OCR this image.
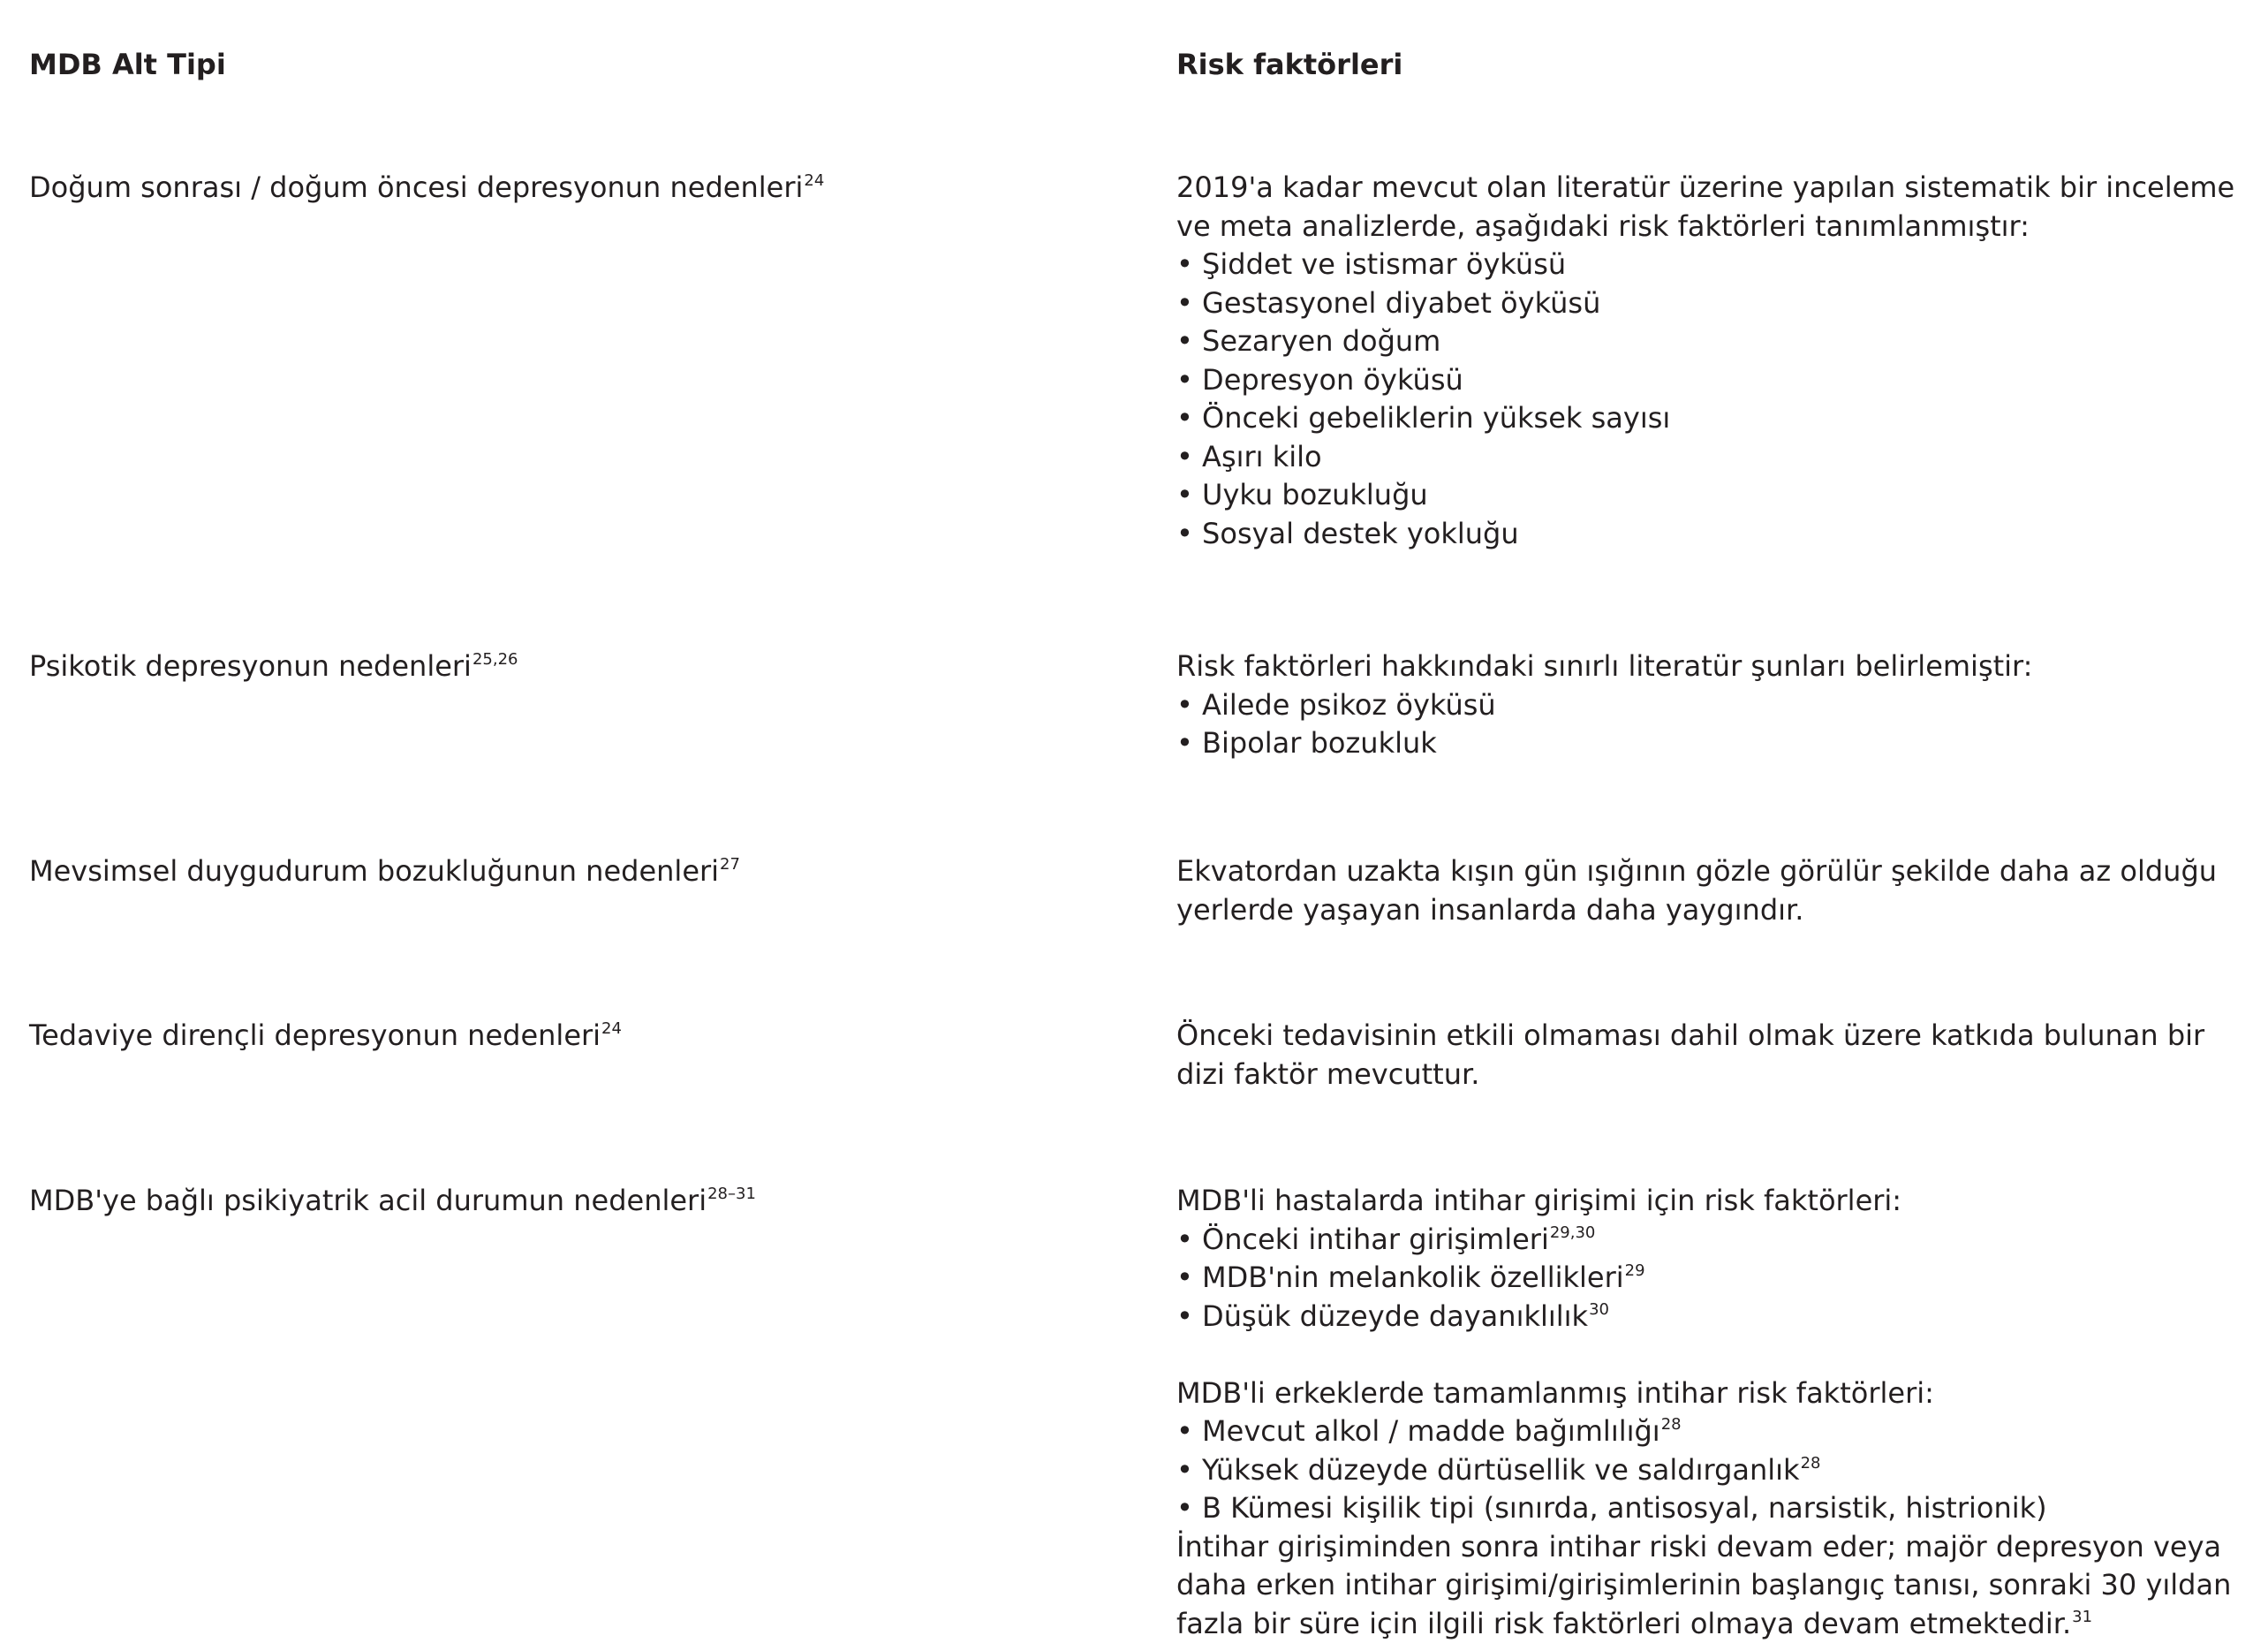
MDB Alt Tipi	Risk faktörleri
Doğum sonrası / doğum öncesi depresyonun nedenleri$^{24}$	2019'a kadar mevcut olan literatür üzerine yapılan sistematik bir inceleme ve meta analizlerde, aşağıdaki risk faktörleri tanımlanmıştır:

• Şiddet ve istismar öyküsü

• Gestasyonel diyabet öyküsü

• Sezaryen doğum

• Depresyon öyküsü

• Önceki gebeliklerin yüksek sayısı

• Aşırı kilo

• Uyku bozukluğu

• Sosyal destek yokluğu

Psikotik depresyonun nedenleri$^{25,26}$	Risk faktörleri hakkındaki sınırlı literatür şunları belirlemiştir:

• Ailede psikoz öyküsü

• Bipolar bozukluk

Mevsimsel duygudurum bozukluğunun nedenleri$^{27}$	Ekvatordan uzakta kışın gün ışığının gözle görülür şekilde daha az olduğu yerlerde yaşayan insanlarda daha yaygındır.

Tedaviye dirençli depresyonun nedenleri$^{24}$	Önceki tedavisinin etkili olmaması dahil olmak üzere katkıda bulunan bir dizi faktör mevcuttur.

MDB'ye bağlı psikiyatrik acil durumun nedenleri$^{28-31}$	MDB'li hastalarda intihar girişimi için risk faktörleri:

• Önceki intihar girişimleri$^{29,30}$

• MDB'nin melankolik özellikleri$^{29}$

• Düşük düzeyde dayanıklılık$^{30}$

MDB'li erkeklerde tamamlanmış intihar risk faktörleri:

• Mevcut alkol / madde bağımlılığı$^{28}$

• Yüksek düzeyde dürtüsellik ve saldırganlık$^{28}$

• B Kümesi kişilik tipi (sınırda, antisosyal, narsistik, histrionik)

İntihar girişiminden sonra intihar riski devam eder; majör depresyon veya daha erken intihar girişimi/girişimlerinin başlangıç tanısı, sonraki 30 yıldan fazla bir süre için ilgili risk faktörleri olmaya devam etmektedir.$^{31}$
